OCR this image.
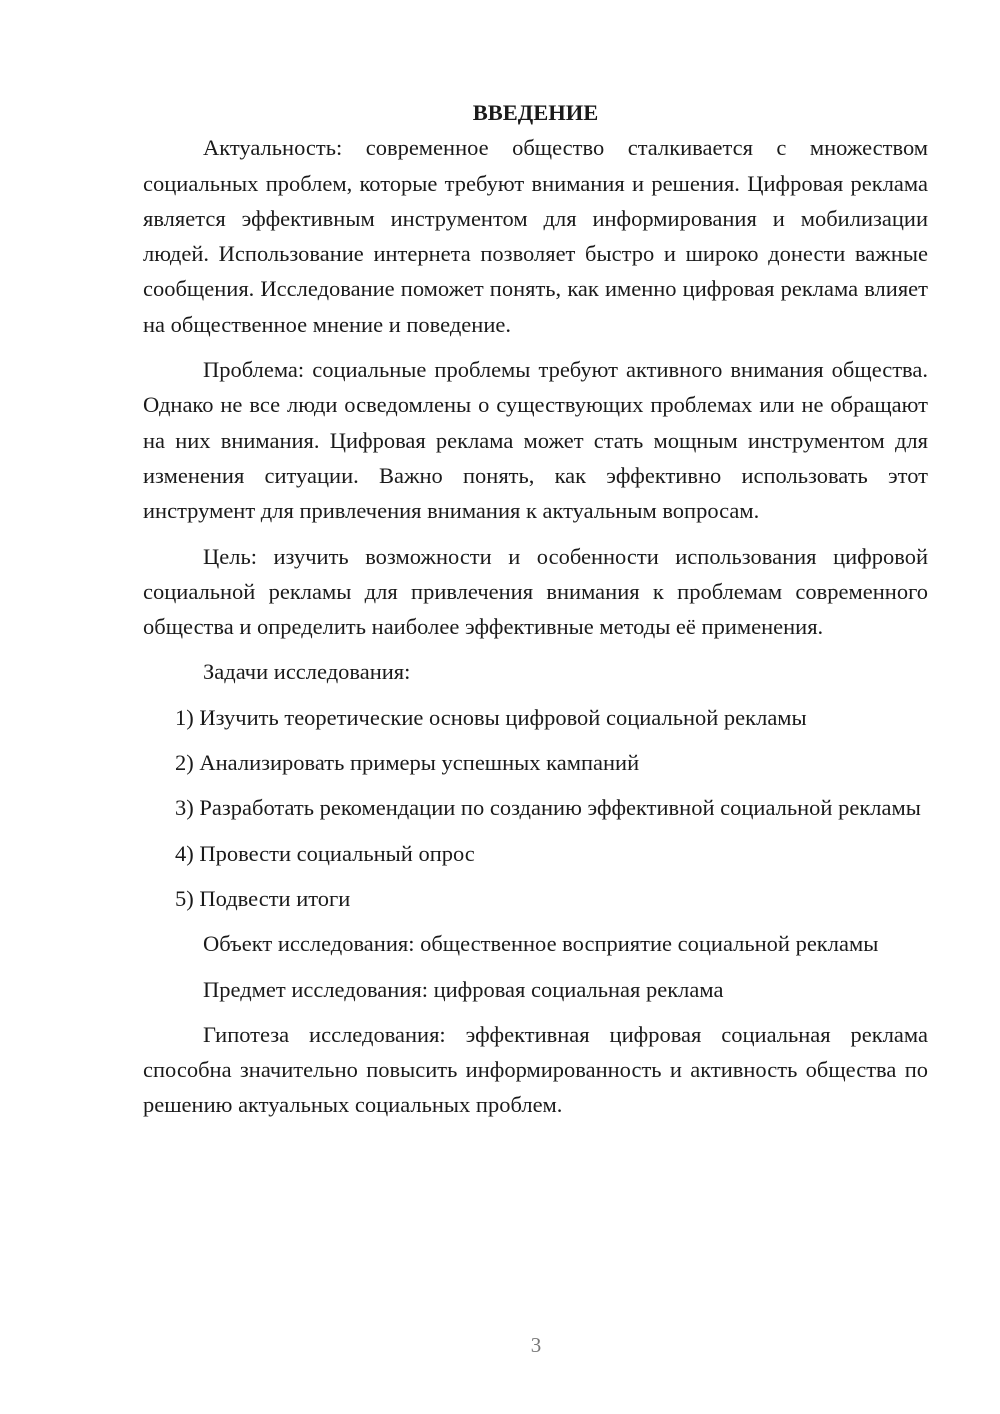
ВВЕДЕНИЕ

Актуальность: современное общество сталкивается с множеством социальных проблем, которые требуют внимания и решения. Цифровая реклама является эффективным инструментом для информирования и мобилизации людей. Использование интернета позволяет быстро и широко донести важные сообщения. Исследование поможет понять, как именно цифровая реклама влияет на общественное мнение и поведение.

Проблема: социальные проблемы требуют активного внимания общества. Однако не все люди осведомлены о существующих проблемах или не обращают на них внимания. Цифровая реклама может стать мощным инструментом для изменения ситуации. Важно понять, как эффективно использовать этот инструмент для привлечения внимания к актуальным вопросам.

Цель: изучить возможности и особенности использования цифровой социальной рекламы для привлечения внимания к проблемам современного общества и определить наиболее эффективные методы её применения.

Задачи исследования:

1) Изучить теоретические основы цифровой социальной рекламы

2) Анализировать примеры успешных кампаний

3) Разработать рекомендации по созданию эффективной социальной рекламы

4) Провести социальный опрос

5) Подвести итоги

Объект исследования: общественное восприятие социальной рекламы

Предмет исследования: цифровая социальная реклама

Гипотеза исследования: эффективная цифровая социальная реклама способна значительно повысить информированность и активность общества по решению актуальных социальных проблем.

3
